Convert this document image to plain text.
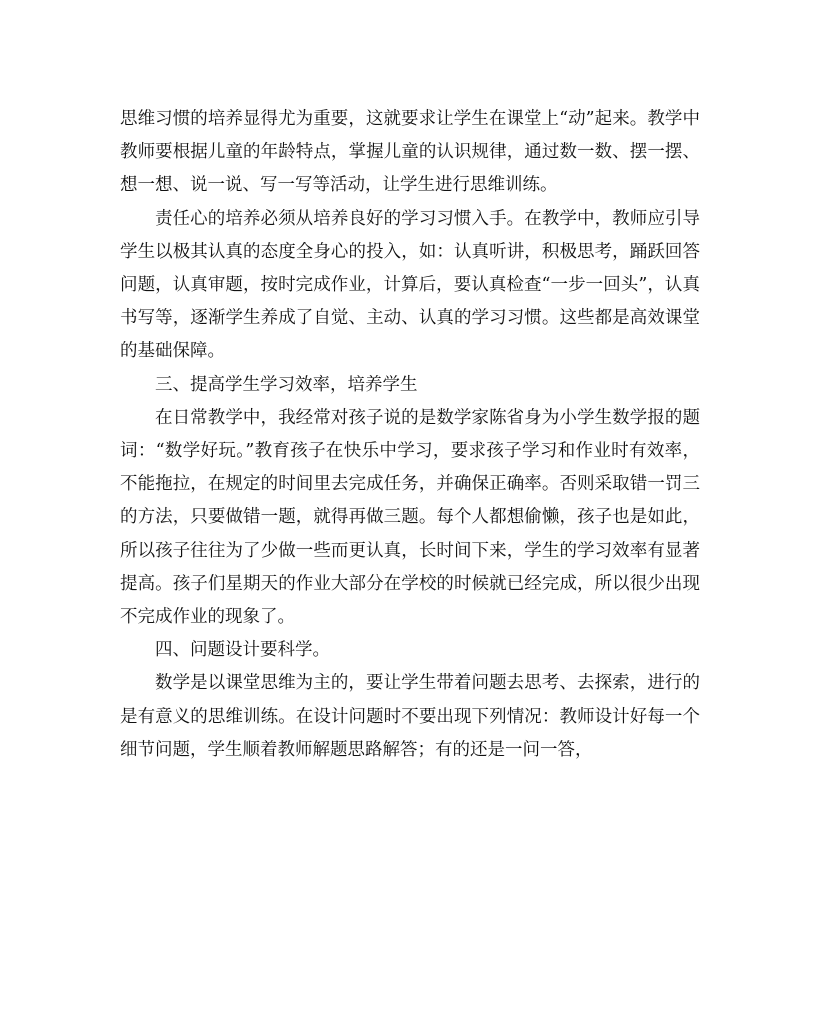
思维习惯的培养显得尤为重要，这就要求让学生在课堂上“动”起来。教学中教师要根据儿童的年龄特点，掌握儿童的认识规律，通过数一数、摆一摆、想一想、说一说、写一写等活动，让学生进行思维训练。

责任心的培养必须从培养良好的学习习惯入手。在教学中，教师应引导学生以极其认真的态度全身心的投入，如：认真听讲，积极思考，踊跃回答问题，认真审题，按时完成作业，计算后，要认真检查“一步一回头”，认真书写等，逐渐学生养成了自觉、主动、认真的学习习惯。这些都是高效课堂的基础保障。

三、提高学生学习效率，培养学生

在日常教学中，我经常对孩子说的是数学家陈省身为小学生数学报的题词：“数学好玩。”教育孩子在快乐中学习，要求孩子学习和作业时有效率，不能拖拉，在规定的时间里去完成任务，并确保正确率。否则采取错一罚三的方法，只要做错一题，就得再做三题。每个人都想偷懒，孩子也是如此，所以孩子往往为了少做一些而更认真，长时间下来，学生的学习效率有显著提高。孩子们星期天的作业大部分在学校的时候就已经完成，所以很少出现不完成作业的现象了。

四、问题设计要科学。

数学是以课堂思维为主的，要让学生带着问题去思考、去探索，进行的是有意义的思维训练。在设计问题时不要出现下列情况：教师设计好每一个细节问题，学生顺着教师解题思路解答；有的还是一问一答，
